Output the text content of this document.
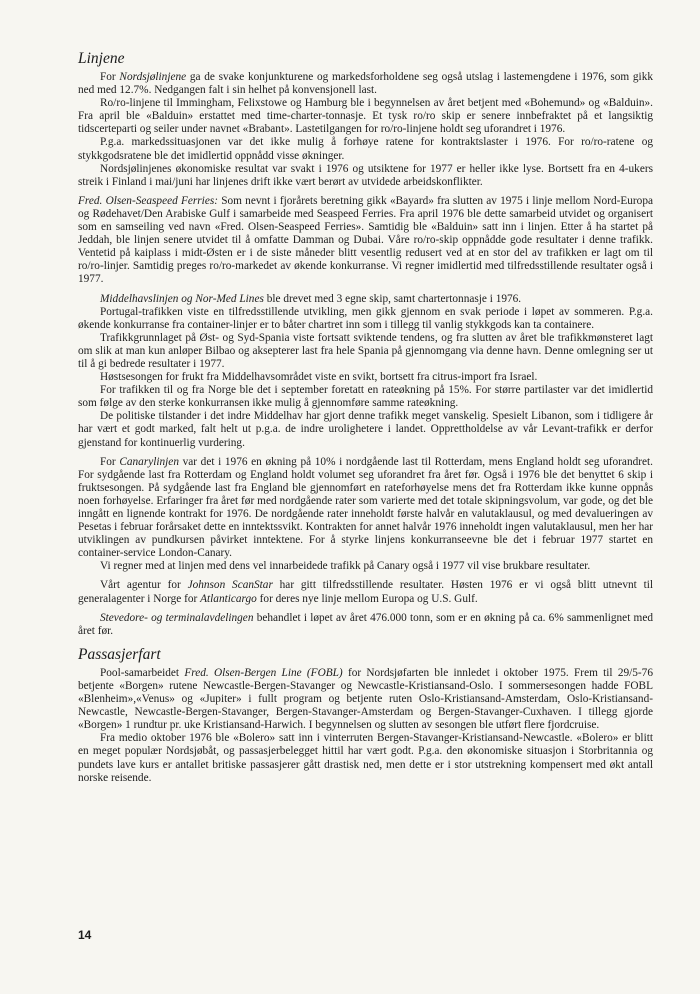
Linjene

For Nordsjølinjene ga de svake konjunkturene og markedsforholdene seg også utslag i lastemengdene i 1976, som gikk ned med 12.7%. Nedgangen falt i sin helhet på konvensjonell last.

Ro/ro-linjene til Immingham, Felixstowe og Hamburg ble i begynnelsen av året betjent med «Bohemund» og «Balduin». Fra april ble «Balduin» erstattet med time-charter-tonnasje. Et tysk ro/ro skip er senere innbefraktet på et langsiktig tidscerteparti og seiler under navnet «Brabant». Lastetilgangen for ro/ro-linjene holdt seg uforandret i 1976.

P.g.a. markedssituasjonen var det ikke mulig å forhøye ratene for kontraktslaster i 1976. For ro/ro-ratene og stykkgodsratene ble det imidlertid oppnådd visse økninger.

Nordsjølinjenes økonomiske resultat var svakt i 1976 og utsiktene for 1977 er heller ikke lyse. Bortsett fra en 4-ukers streik i Finland i mai/juni har linjenes drift ikke vært berørt av utvidede arbeidskonflikter.

Fred. Olsen-Seaspeed Ferries: Som nevnt i fjorårets beretning gikk «Bayard» fra slutten av 1975 i linje mellom Nord-Europa og Rødehavet/Den Arabiske Gulf i samarbeide med Seaspeed Ferries. Fra april 1976 ble dette samarbeid utvidet og organisert som en samseiling ved navn «Fred. Olsen-Seaspeed Ferries». Samtidig ble «Balduin» satt inn i linjen. Etter å ha startet på Jeddah, ble linjen senere utvidet til å omfatte Damman og Dubai. Våre ro/ro-skip oppnådde gode resultater i denne trafikk. Ventetid på kaiplass i midt-Østen er i de siste måneder blitt vesentlig redusert ved at en stor del av trafikken er lagt om til ro/ro-linjer. Samtidig preges ro/ro-markedet av økende konkurranse. Vi regner imidlertid med tilfredsstillende resultater også i 1977.

Middelhavslinjen og Nor-Med Lines ble drevet med 3 egne skip, samt chartertonnasje i 1976.

Portugal-trafikken viste en tilfredsstillende utvikling, men gikk gjennom en svak periode i løpet av sommeren. P.g.a. økende konkurranse fra container-linjer er to båter chartret inn som i tillegg til vanlig stykkgods kan ta containere.

Trafikkgrunnlaget på Øst- og Syd-Spania viste fortsatt sviktende tendens, og fra slutten av året ble trafikkmønsteret lagt om slik at man kun anløper Bilbao og aksepterer last fra hele Spania på gjennomgang via denne havn. Denne omlegning ser ut til å gi bedrede resultater i 1977.

Høstsesongen for frukt fra Middelhavsområdet viste en svikt, bortsett fra citrus-import fra Israel.

For trafikken til og fra Norge ble det i september foretatt en rateøkning på 15%. For større partilaster var det imidlertid som følge av den sterke konkurransen ikke mulig å gjennomføre samme rateøkning.

De politiske tilstander i det indre Middelhav har gjort denne trafikk meget vanskelig. Spesielt Libanon, som i tidligere år har vært et godt marked, falt helt ut p.g.a. de indre urolighetere i landet. Opprettholdelse av vår Levant-trafikk er derfor gjenstand for kontinuerlig vurdering.

For Canarylinjen var det i 1976 en økning på 10% i nordgående last til Rotterdam, mens England holdt seg uforandret. For sydgående last fra Rotterdam og England holdt volumet seg uforandret fra året før. Også i 1976 ble det benyttet 6 skip i fruktsesongen. På sydgående last fra England ble gjennomført en rateforhøyelse mens det fra Rotterdam ikke kunne oppnås noen forhøyelse. Erfaringer fra året før med nordgående rater som varierte med det totale skipningsvolum, var gode, og det ble inngått en lignende kontrakt for 1976. De nordgående rater inneholdt første halvår en valutaklausul, og med devalueringen av Pesetas i februar forårsaket dette en inntektssvikt. Kontrakten for annet halvår 1976 inneholdt ingen valutaklausul, men her har utviklingen av pundkursen påvirket inntektene. For å styrke linjens konkurranseevne ble det i februar 1977 startet en container-service London-Canary.

Vi regner med at linjen med dens vel innarbeidede trafikk på Canary også i 1977 vil vise brukbare resultater.

Vårt agentur for Johnson ScanStar har gitt tilfredsstillende resultater. Høsten 1976 er vi også blitt utnevnt til generalagenter i Norge for Atlanticargo for deres nye linje mellom Europa og U.S. Gulf.

Stevedore- og terminalavdelingen behandlet i løpet av året 476.000 tonn, som er en økning på ca. 6% sammenlignet med året før.

Passasjerfart

Pool-samarbeidet Fred. Olsen-Bergen Line (FOBL) for Nordsjøfarten ble innledet i oktober 1975. Frem til 29/5-76 betjente «Borgen» rutene Newcastle-Bergen-Stavanger og Newcastle-Kristiansand-Oslo. I sommersesongen hadde FOBL «Blenheim»,«Venus» og «Jupiter» i fullt program og betjente ruten Oslo-Kristiansand-Amsterdam, Oslo-Kristiansand-Newcastle, Newcastle-Bergen-Stavanger, Bergen-Stavanger-Amsterdam og Bergen-Stavanger-Cuxhaven. I tillegg gjorde «Borgen» 1 rundtur pr. uke Kristiansand-Harwich. I begynnelsen og slutten av sesongen ble utført flere fjordcruise.

Fra medio oktober 1976 ble «Bolero» satt inn i vinterruten Bergen-Stavanger-Kristiansand-Newcastle. «Bolero» er blitt en meget populær Nordsjøbåt, og passasjerbelegget hittil har vært godt. P.g.a. den økonomiske situasjon i Storbritannia og pundets lave kurs er antallet britiske passasjerer gått drastisk ned, men dette er i stor utstrekning kompensert med økt antall norske reisende.

14
